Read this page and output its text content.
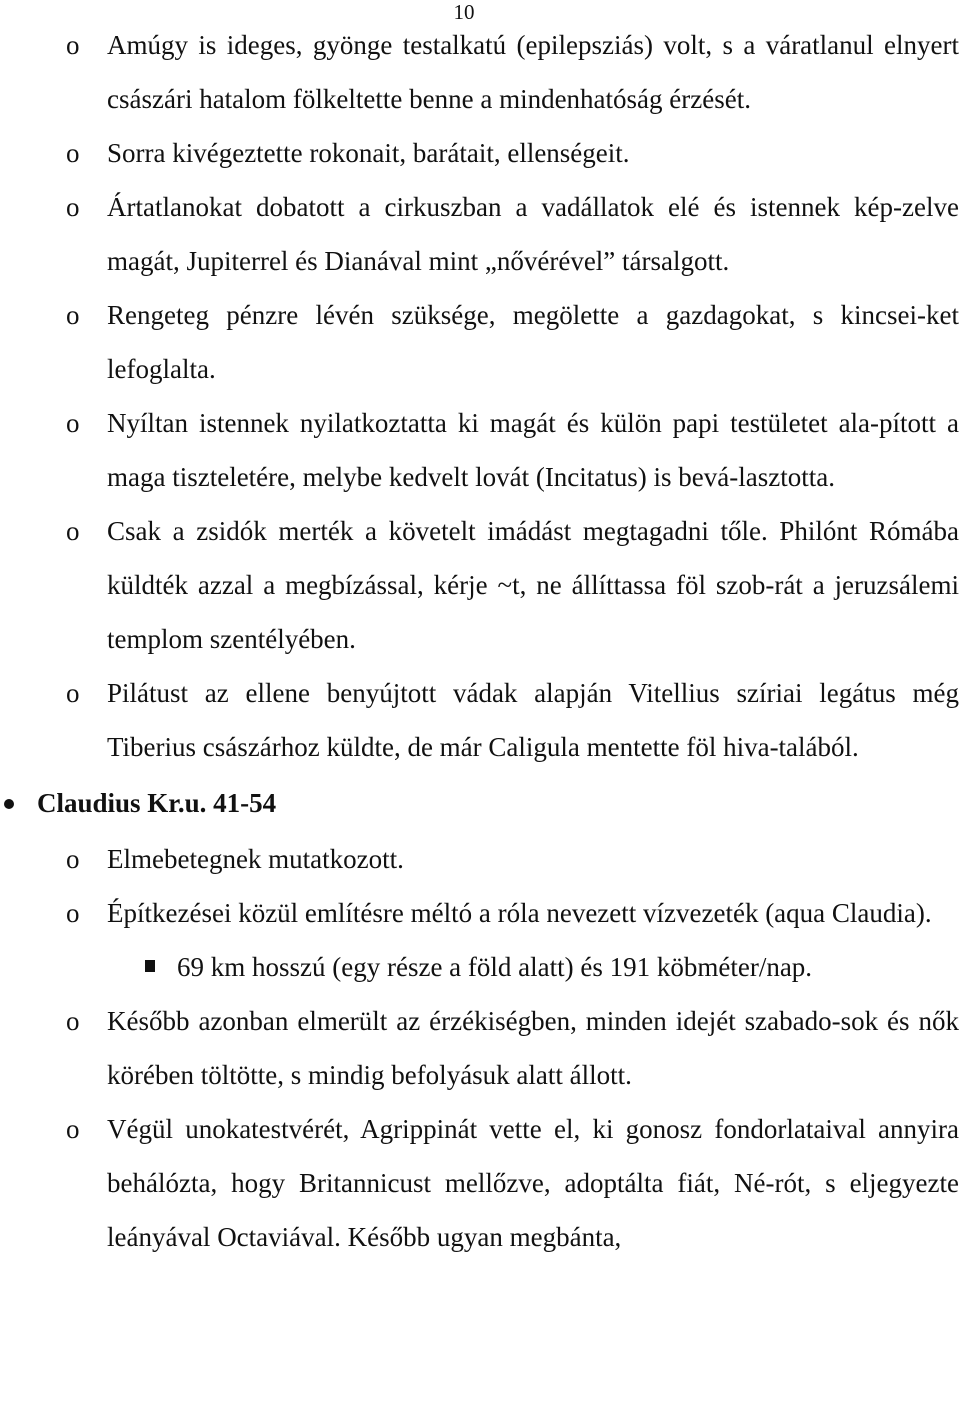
10
o Amúgy is ideges, gyönge testalkatú (epilepsziás) volt, s a váratlanul elnyert császári hatalom fölkeltette benne a mindenhatóság érzését.
o Sorra kivégeztette rokonait, barátait, ellenségeit.
o Ártatlanokat dobatott a cirkuszban a vadállatok elé és istennek kép-zelve magát, Jupiterrel és Dianával mint „nővérével” társalgott.
o Rengeteg pénzre lévén szüksége, megölette a gazdagokat, s kincsei-ket lefoglalta.
o Nyíltan istennek nyilatkoztatta ki magát és külön papi testületet ala-pított a maga tiszteletére, melybe kedvelt lovát (Incitatus) is bevá-lasztotta.
o Csak a zsidók merték a követelt imádást megtagadni tőle. Philónt Rómába küldték azzal a megbízással, kérje ~t, ne állíttassa föl szob-rát a jeruzsálemi templom szentélyében.
o Pilátust az ellene benyújtott vádak alapján Vitellius szíriai legátus még Tiberius császárhoz küldte, de már Caligula mentette föl hiva-talából.
Claudius Kr.u. 41-54
o Elmebetegnek mutatkozott.
o Építkezései közül említésre méltó a róla nevezett vízvezeték (aqua Claudia).
69 km hosszú (egy része a föld alatt) és 191 köbméter/nap.
o Később azonban elmerült az érzékiségben, minden idejét szabado-sok és nők körében töltötte, s mindig befolyásuk alatt állott.
o Végül unokatestvérét, Agrippinát vette el, ki gonosz fondorlataival annyira behálózta, hogy Britannicust mellőzve, adoptálta fiát, Né-rót, s eljegyezte leányával Octaviával. Később ugyan megbánta,
